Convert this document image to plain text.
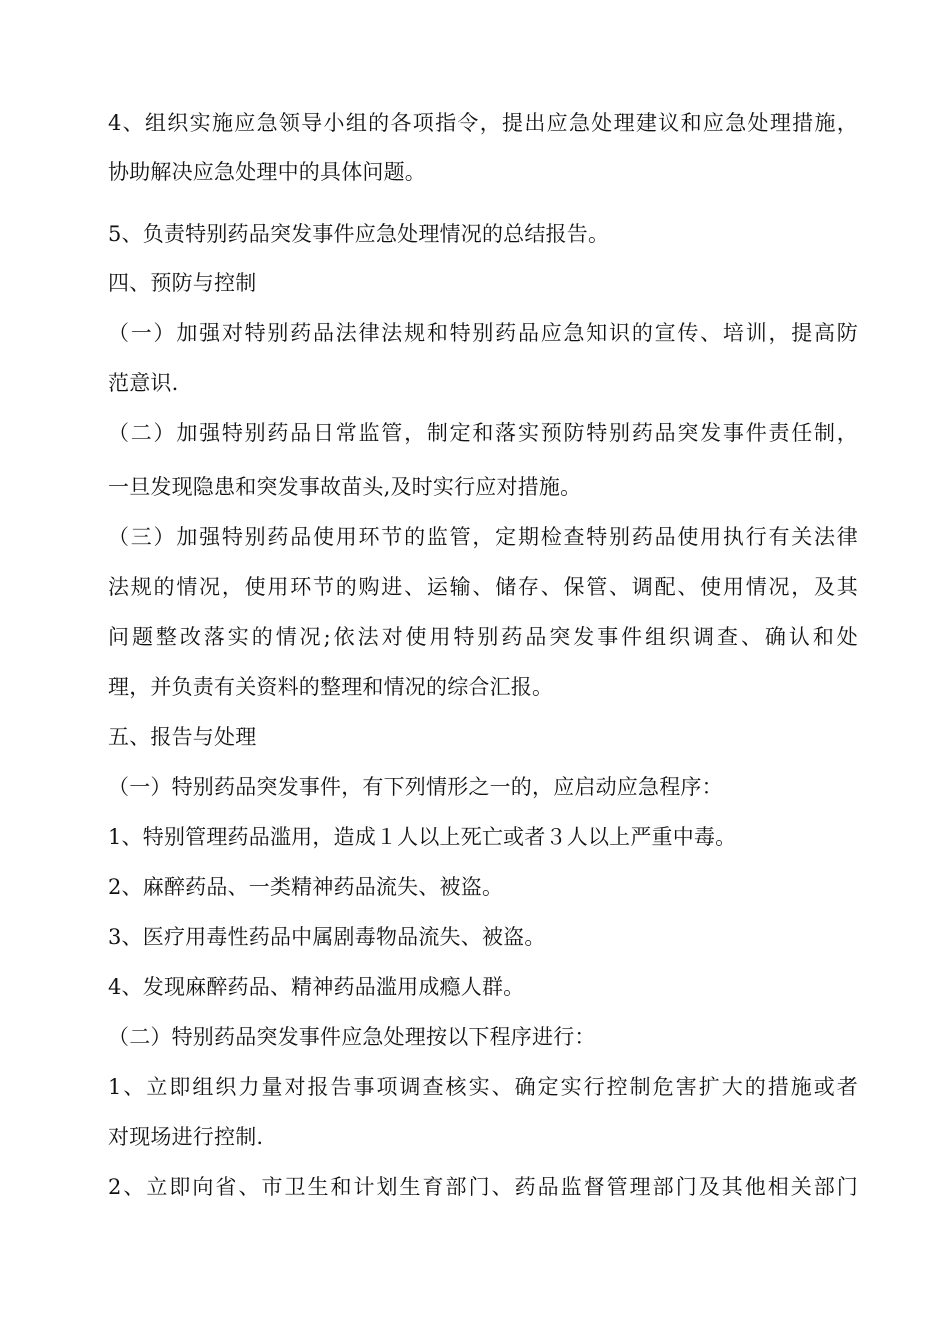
4、组织实施应急领导小组的各项指令，提出应急处理建议和应急处理措施，
协助解决应急处理中的具体问题。
5、负责特别药品突发事件应急处理情况的总结报告。
四、预防与控制
（一）加强对特别药品法律法规和特别药品应急知识的宣传、培训，提高防
范意识.
（二）加强特别药品日常监管，制定和落实预防特别药品突发事件责任制，
一旦发现隐患和突发事故苗头,及时实行应对措施。
（三）加强特别药品使用环节的监管，定期检查特别药品使用执行有关法律
法规的情况，使用环节的购进、运输、储存、保管、调配、使用情况，及其
问题整改落实的情况;依法对使用特别药品突发事件组织调查、确认和处
理，并负责有关资料的整理和情况的综合汇报。
五、报告与处理
（一）特别药品突发事件，有下列情形之一的，应启动应急程序：
1、特别管理药品滥用，造成１人以上死亡或者３人以上严重中毒。
2、麻醉药品、一类精神药品流失、被盗。
3、医疗用毒性药品中属剧毒物品流失、被盗。
4、发现麻醉药品、精神药品滥用成瘾人群。
（二）特别药品突发事件应急处理按以下程序进行：
1、立即组织力量对报告事项调查核实、确定实行控制危害扩大的措施或者
对现场进行控制.
2、立即向省、市卫生和计划生育部门、药品监督管理部门及其他相关部门
